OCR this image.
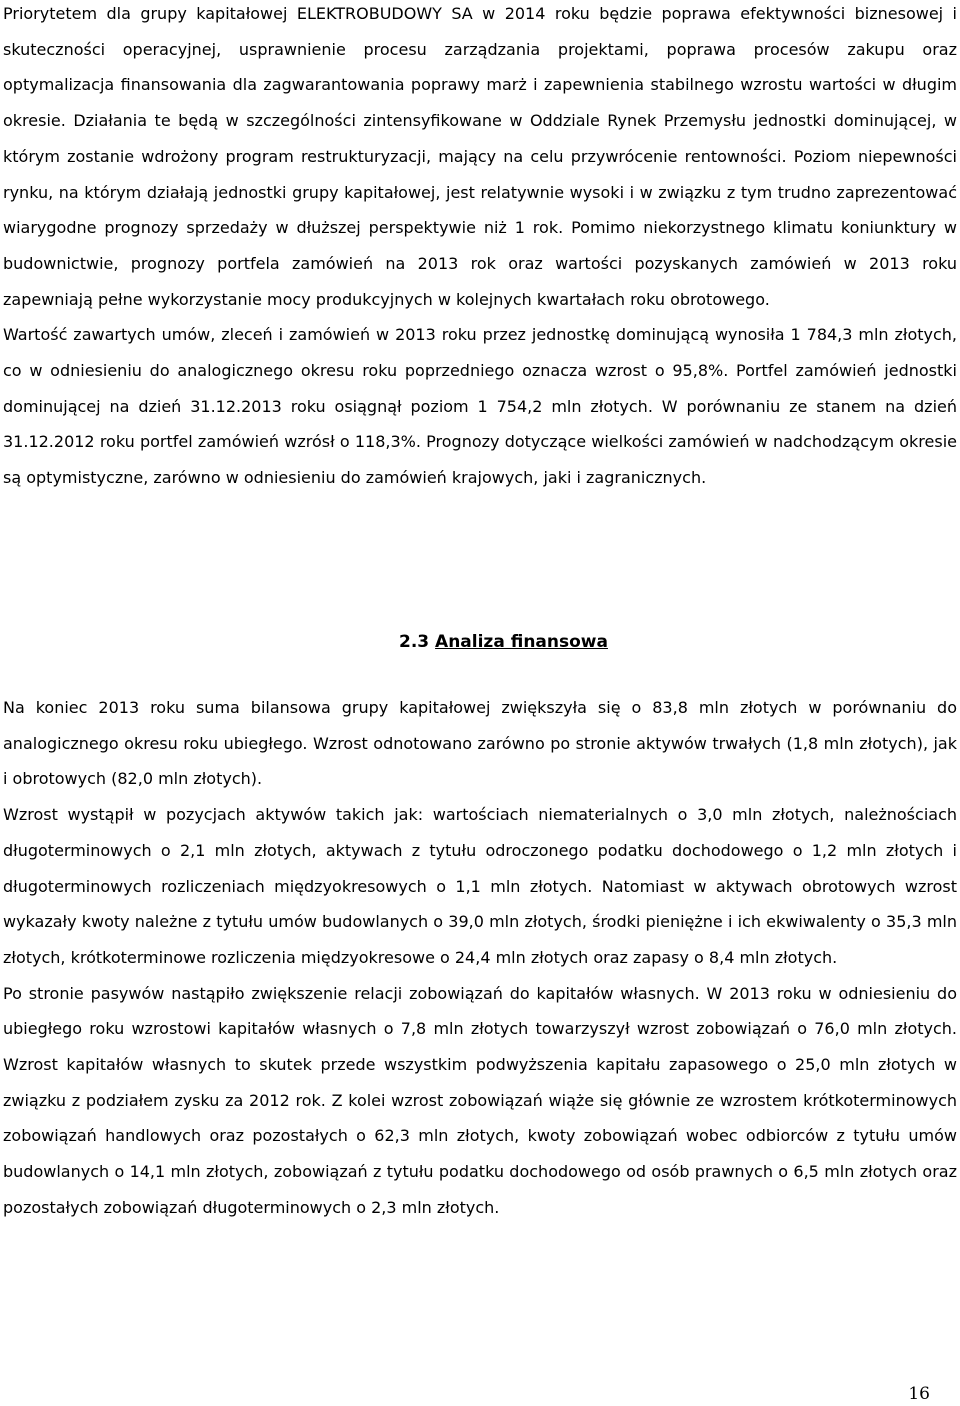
Priorytetem dla grupy kapitałowej ELEKTROBUDOWY SA w 2014 roku będzie poprawa efektywności biznesowej i skuteczności operacyjnej, usprawnienie procesu zarządzania projektami, poprawa procesów zakupu oraz optymalizacja finansowania dla zagwarantowania poprawy marż i zapewnienia stabilnego wzrostu wartości w długim okresie. Działania te będą w szczególności zintensyfikowane w Oddziale Rynek Przemysłu jednostki dominującej, w którym zostanie wdrożony program restrukturyzacji, mający na celu przywrócenie rentowności. Poziom niepewności rynku, na którym działają jednostki grupy kapitałowej, jest relatywnie wysoki i w związku z tym trudno zaprezentować wiarygodne prognozy sprzedaży w dłuższej perspektywie niż 1 rok. Pomimo niekorzystnego klimatu koniunktury w budownictwie, prognozy portfela zamówień na 2013 rok oraz wartości pozyskanych zamówień w 2013 roku zapewniają pełne wykorzystanie mocy produkcyjnych w kolejnych kwartałach roku obrotowego.

Wartość zawartych umów, zleceń i zamówień w 2013 roku przez jednostkę dominującą wynosiła 1 784,3 mln złotych, co w odniesieniu do analogicznego okresu roku poprzedniego oznacza wzrost o 95,8%. Portfel zamówień jednostki dominującej na dzień 31.12.2013 roku osiągnął poziom 1 754,2 mln złotych. W porównaniu ze stanem na dzień 31.12.2012 roku portfel zamówień wzrósł o 118,3%. Prognozy dotyczące wielkości zamówień w nadchodzącym okresie są optymistyczne, zarówno w odniesieniu do zamówień krajowych, jaki i zagranicznych.

2.3 Analiza finansowa

Na koniec 2013 roku suma bilansowa grupy kapitałowej zwiększyła się o 83,8 mln złotych w porównaniu do analogicznego okresu roku ubiegłego. Wzrost odnotowano zarówno po stronie aktywów trwałych (1,8 mln złotych), jak i obrotowych (82,0 mln złotych).

Wzrost wystąpił w pozycjach aktywów takich jak: wartościach niematerialnych o 3,0 mln złotych, należnościach długoterminowych o 2,1 mln złotych, aktywach z tytułu odroczonego podatku dochodowego o 1,2 mln złotych i długoterminowych rozliczeniach międzyokresowych o 1,1 mln złotych. Natomiast w aktywach obrotowych wzrost wykazały kwoty należne z tytułu umów budowlanych o 39,0 mln złotych, środki pieniężne i ich ekwiwalenty o 35,3 mln złotych, krótkoterminowe rozliczenia międzyokresowe o 24,4 mln złotych oraz zapasy o 8,4 mln złotych.

Po stronie pasywów nastąpiło zwiększenie relacji zobowiązań do kapitałów własnych. W 2013 roku w odniesieniu do ubiegłego roku wzrostowi kapitałów własnych o 7,8 mln złotych towarzyszył wzrost zobowiązań o 76,0 mln złotych. Wzrost kapitałów własnych to skutek przede wszystkim podwyższenia kapitału zapasowego o 25,0 mln złotych w związku z podziałem zysku za 2012 rok. Z kolei wzrost zobowiązań wiąże się głównie ze wzrostem krótkoterminowych zobowiązań handlowych oraz pozostałych o 62,3 mln złotych, kwoty zobowiązań wobec odbiorców z tytułu umów budowlanych o 14,1 mln złotych, zobowiązań z tytułu podatku dochodowego od osób prawnych o 6,5 mln złotych oraz pozostałych zobowiązań długoterminowych o 2,3 mln złotych.

16
